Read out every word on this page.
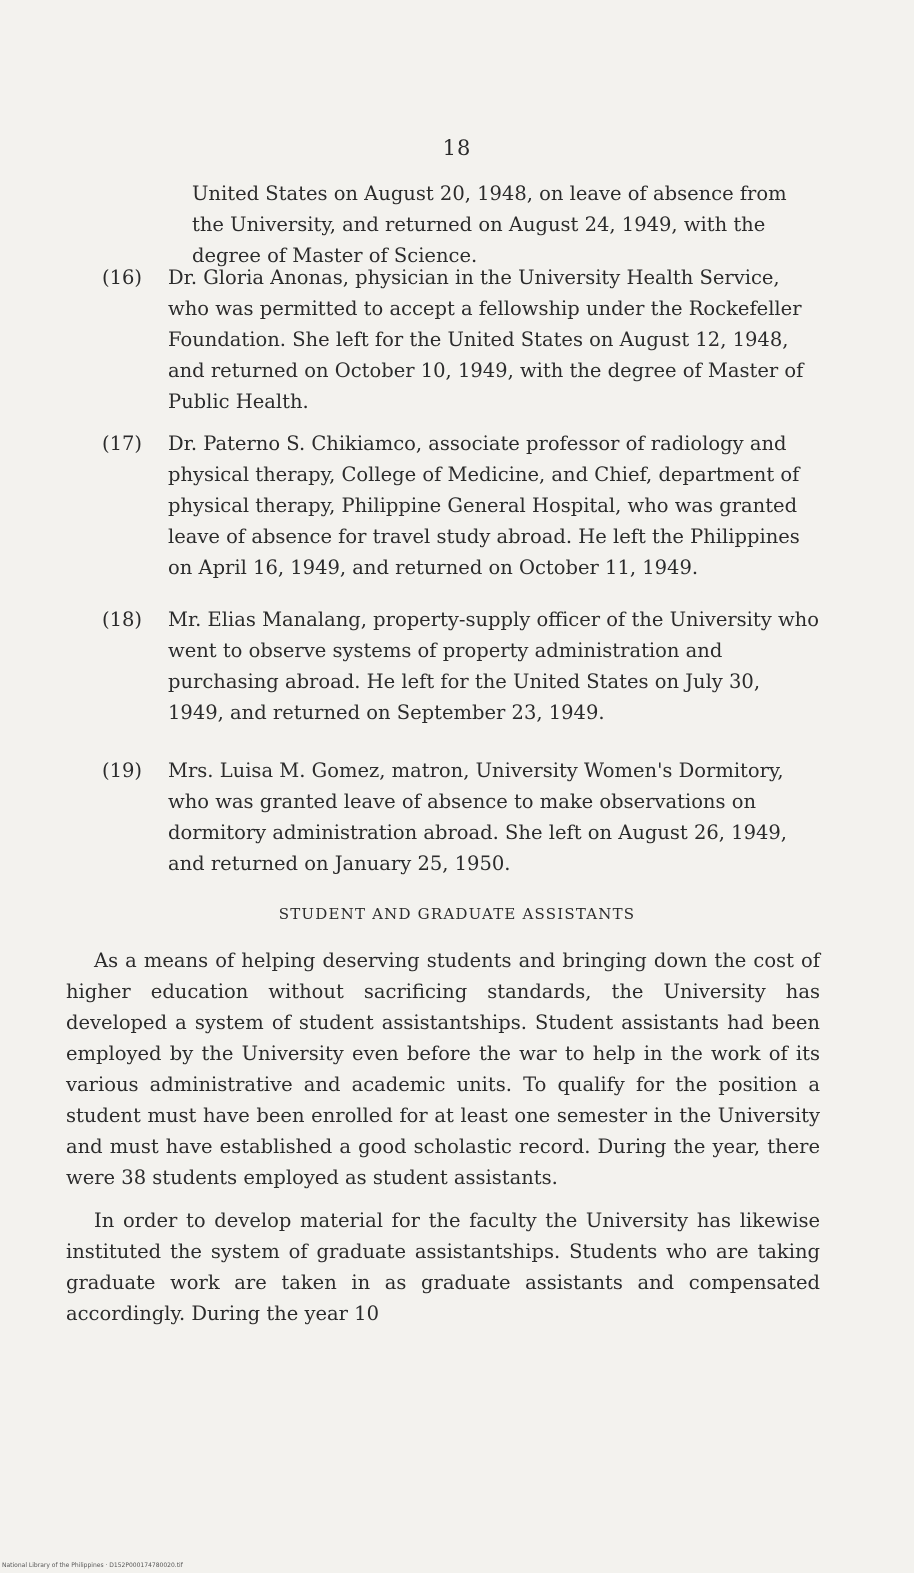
18
United States on August 20, 1948, on leave of absence from the University, and returned on August 24, 1949, with the degree of Master of Science.
(16)	Dr. Gloria Anonas, physician in the University Health Service, who was permitted to accept a fellowship under the Rockefeller Foundation. She left for the United States on August 12, 1948, and returned on October 10, 1949, with the degree of Master of Public Health.
(17)	Dr. Paterno S. Chikiamco, associate professor of radiology and physical therapy, College of Medicine, and Chief, department of physical therapy, Philippine General Hospital, who was granted leave of absence for travel study abroad. He left the Philippines on April 16, 1949, and returned on October 11, 1949.
(18)	Mr. Elias Manalang, property-supply officer of the University who went to observe systems of property administration and purchasing abroad. He left for the United States on July 30, 1949, and returned on September 23, 1949.
(19)	Mrs. Luisa M. Gomez, matron, University Women's Dormitory, who was granted leave of absence to make observations on dormitory administration abroad. She left on August 26, 1949, and returned on January 25, 1950.
STUDENT AND GRADUATE ASSISTANTS
As a means of helping deserving students and bringing down the cost of higher education without sacrificing standards, the University has developed a system of student assistantships. Student assistants had been employed by the University even before the war to help in the work of its various administrative and academic units. To qualify for the position a student must have been enrolled for at least one semester in the University and must have established a good scholastic record. During the year, there were 38 students employed as student assistants.
In order to develop material for the faculty the University has likewise instituted the system of graduate assistantships. Students who are taking graduate work are taken in as graduate assistants and compensated accordingly. During the year 10
National Library of the Philippines · D152P000174780020.tif
